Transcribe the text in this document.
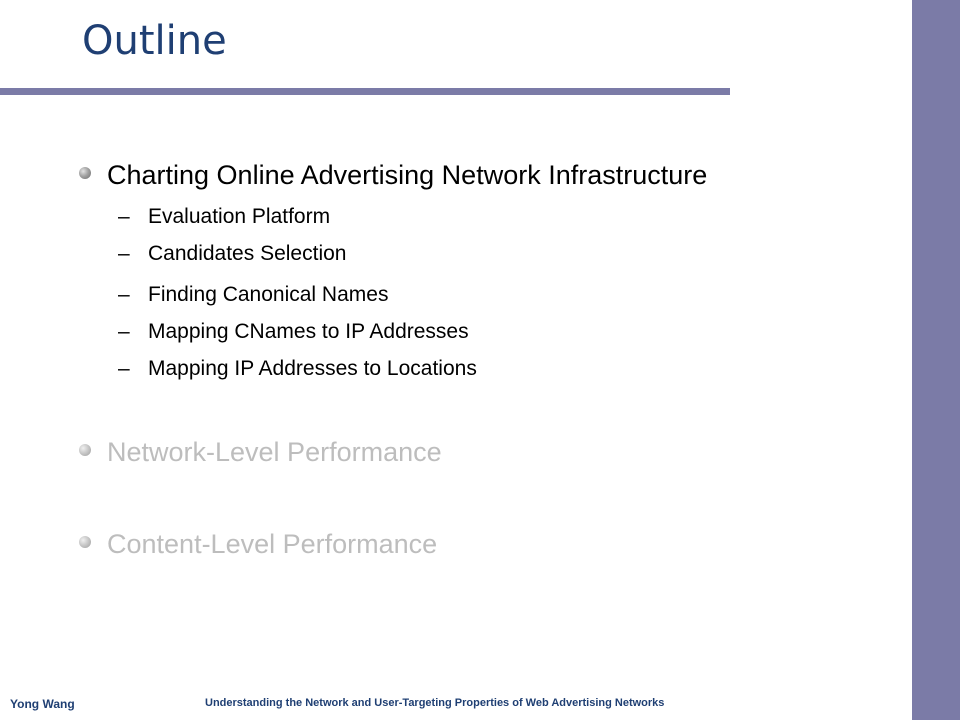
Outline
Charting Online Advertising Network Infrastructure
– Evaluation Platform
– Candidates Selection
– Finding Canonical Names
– Mapping CNames to IP Addresses
– Mapping IP Addresses to Locations
Network-Level Performance
Content-Level Performance
Yong Wang	Understanding the Network and User-Targeting Properties of Web Advertising Networks
